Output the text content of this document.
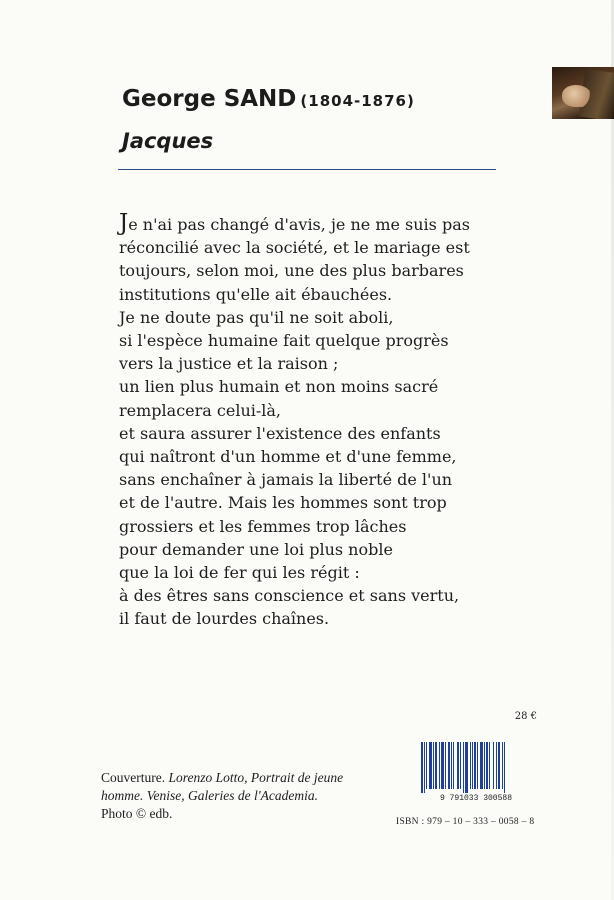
George SAND (1804-1876)
Jacques

Je n'ai pas changé d'avis, je ne me suis pas
réconcilié avec la société, et le mariage est
toujours, selon moi, une des plus barbares
institutions qu'elle ait ébauchées.
Je ne doute pas qu'il ne soit aboli,
si l'espèce humaine fait quelque progrès
vers la justice et la raison ;
un lien plus humain et non moins sacré
remplacera celui-là,
et saura assurer l'existence des enfants
qui naîtront d'un homme et d'une femme,
sans enchaîner à jamais la liberté de l'un
et de l'autre. Mais les hommes sont trop
grossiers et les femmes trop lâches
pour demander une loi plus noble
que la loi de fer qui les régit :
à des êtres sans conscience et sans vertu,
il faut de lourdes chaînes.

28 €

Couverture. Lorenzo Lotto, Portrait de jeune
homme. Venise, Galeries de l'Academia.
Photo © edb.

9 791033 300588
ISBN : 979 – 10 – 333 – 0058 – 8
